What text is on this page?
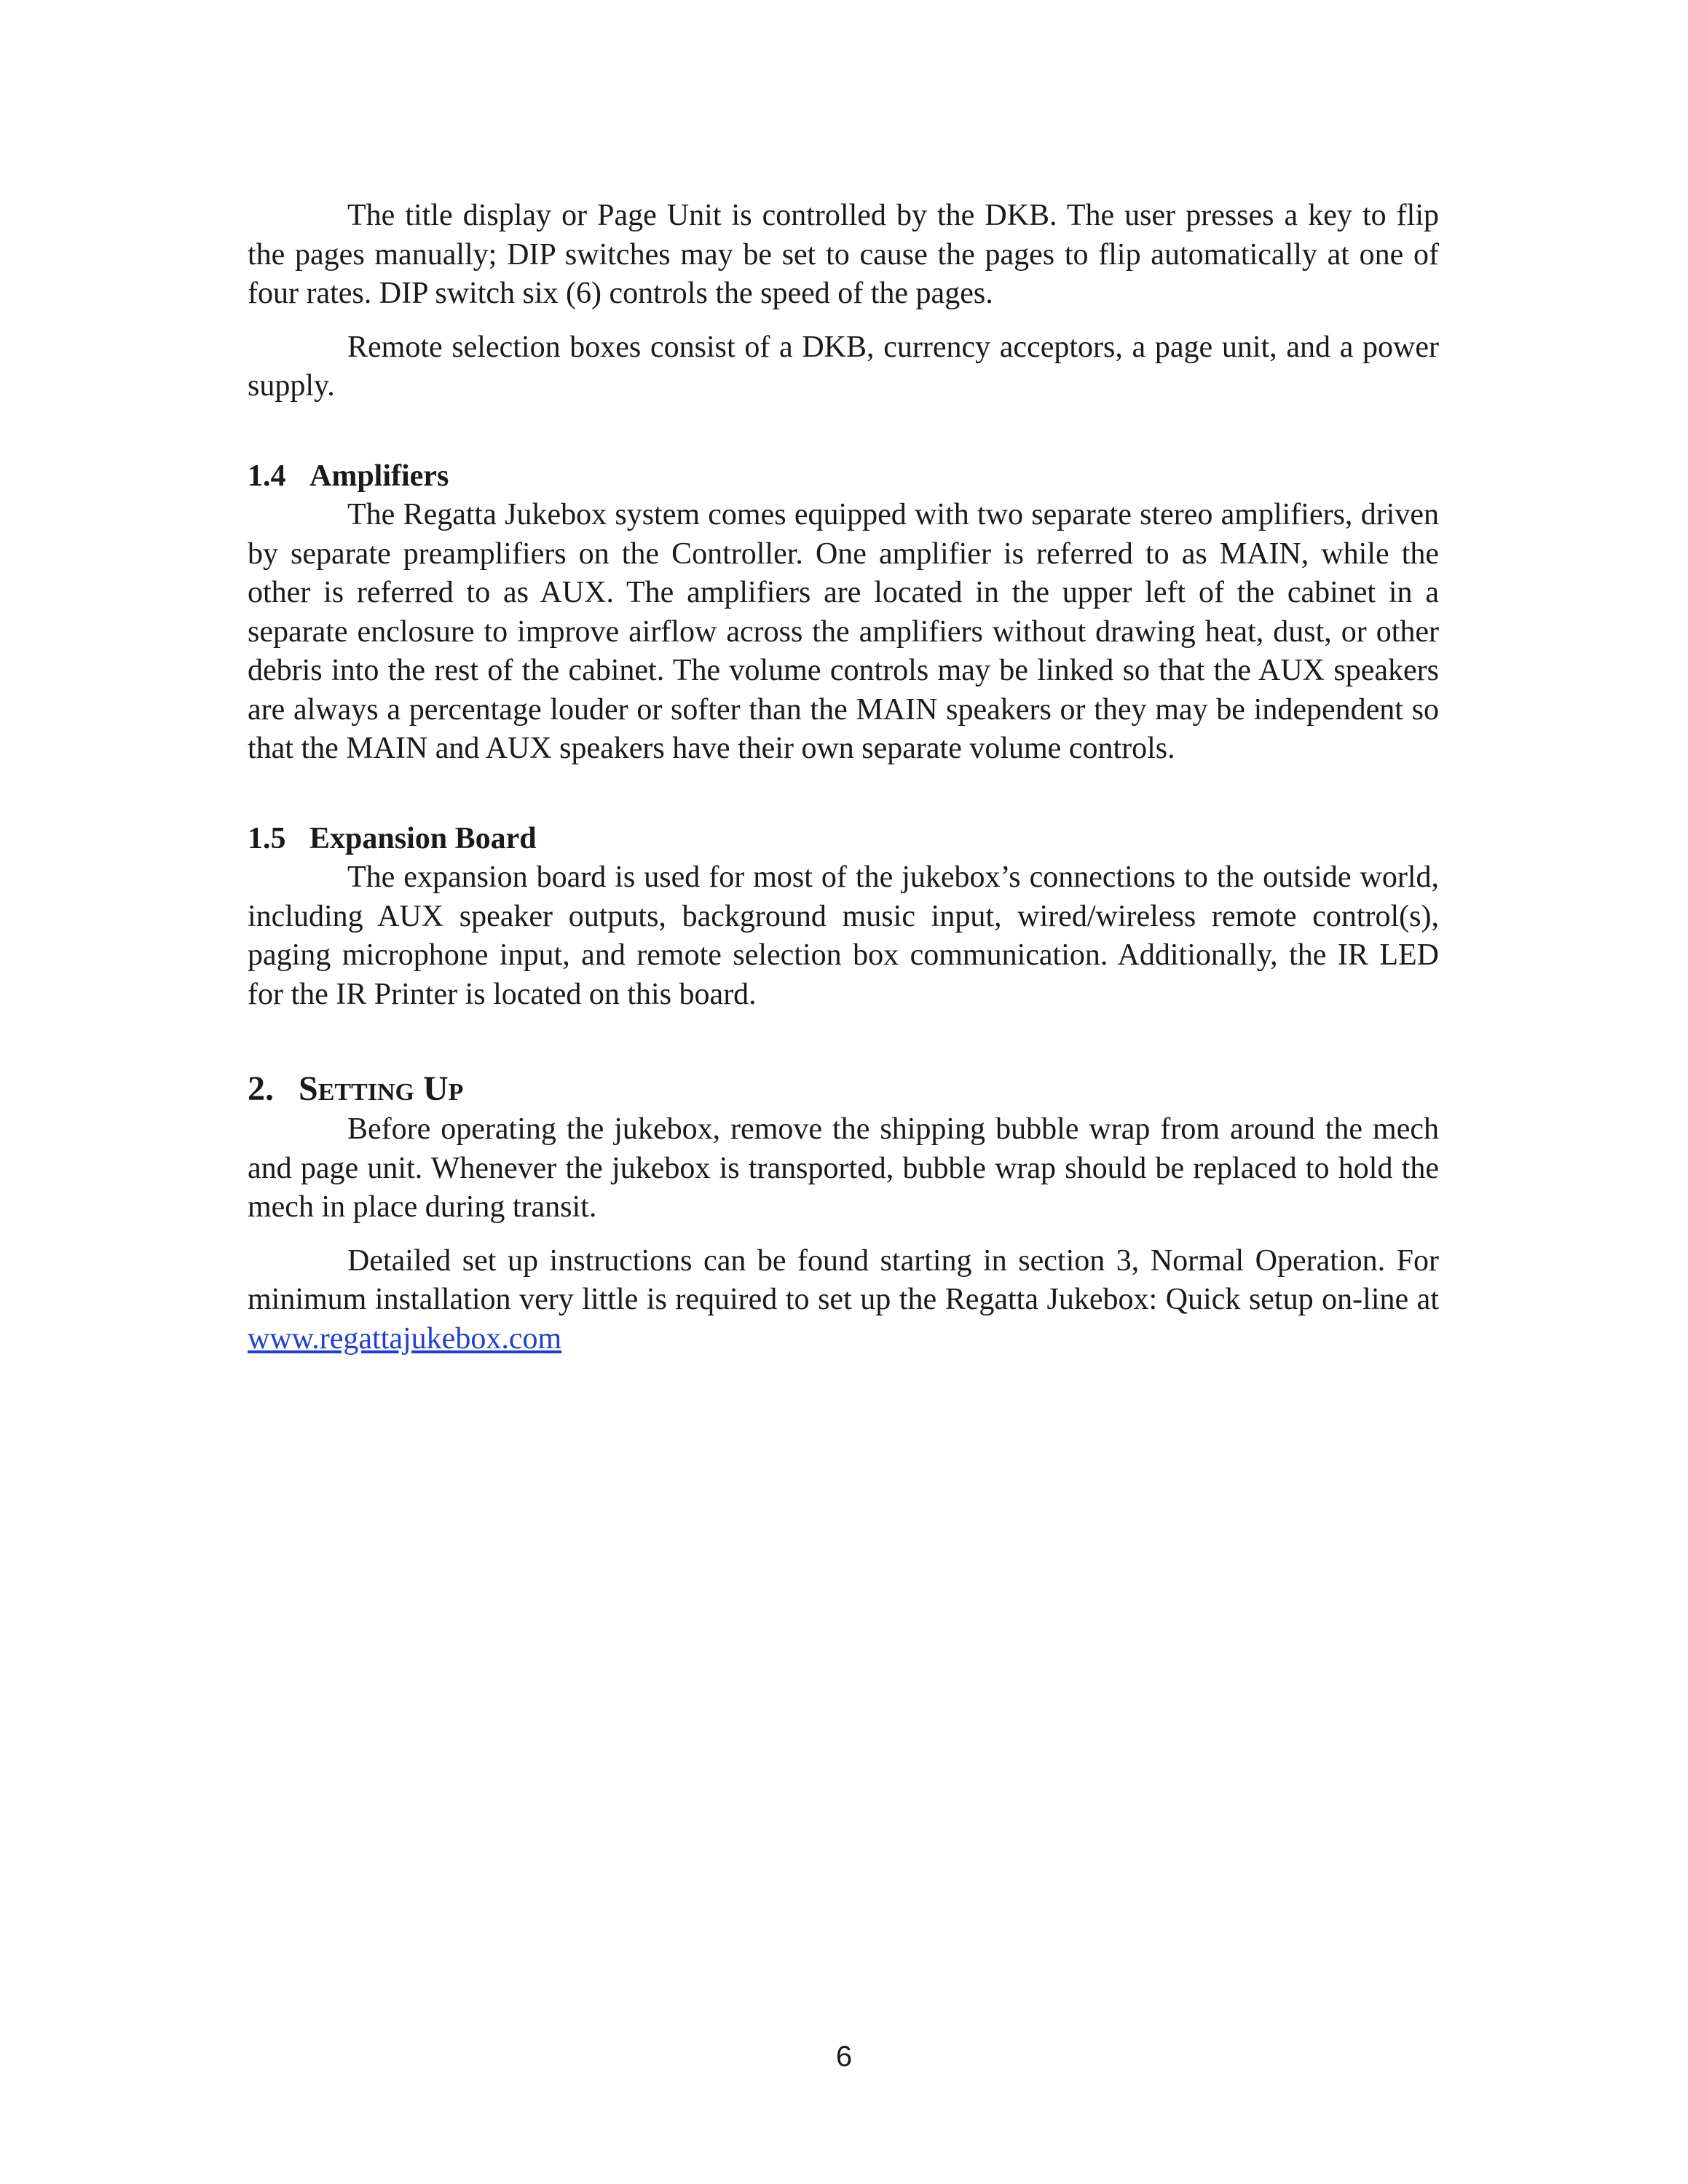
The title display or Page Unit is controlled by the DKB. The user presses a key to flip the pages manually; DIP switches may be set to cause the pages to flip automatically at one of four rates. DIP switch six (6) controls the speed of the pages.

Remote selection boxes consist of a DKB, currency acceptors, a page unit, and a power supply.

1.4 Amplifiers

The Regatta Jukebox system comes equipped with two separate stereo amplifiers, driven by separate preamplifiers on the Controller. One amplifier is referred to as MAIN, while the other is referred to as AUX. The amplifiers are located in the upper left of the cabinet in a separate enclosure to improve airflow across the amplifiers without drawing heat, dust, or other debris into the rest of the cabinet. The volume controls may be linked so that the AUX speakers are always a percentage louder or softer than the MAIN speakers or they may be independent so that the MAIN and AUX speakers have their own separate volume controls.

1.5 Expansion Board

The expansion board is used for most of the jukebox’s connections to the outside world, including AUX speaker outputs, background music input, wired/wireless remote control(s), paging microphone input, and remote selection box communication. Additionally, the IR LED for the IR Printer is located on this board.

2. Setting Up

Before operating the jukebox, remove the shipping bubble wrap from around the mech and page unit. Whenever the jukebox is transported, bubble wrap should be replaced to hold the mech in place during transit.

Detailed set up instructions can be found starting in section 3, Normal Operation. For minimum installation very little is required to set up the Regatta Jukebox: Quick setup on-line at www.regattajukebox.com

6
